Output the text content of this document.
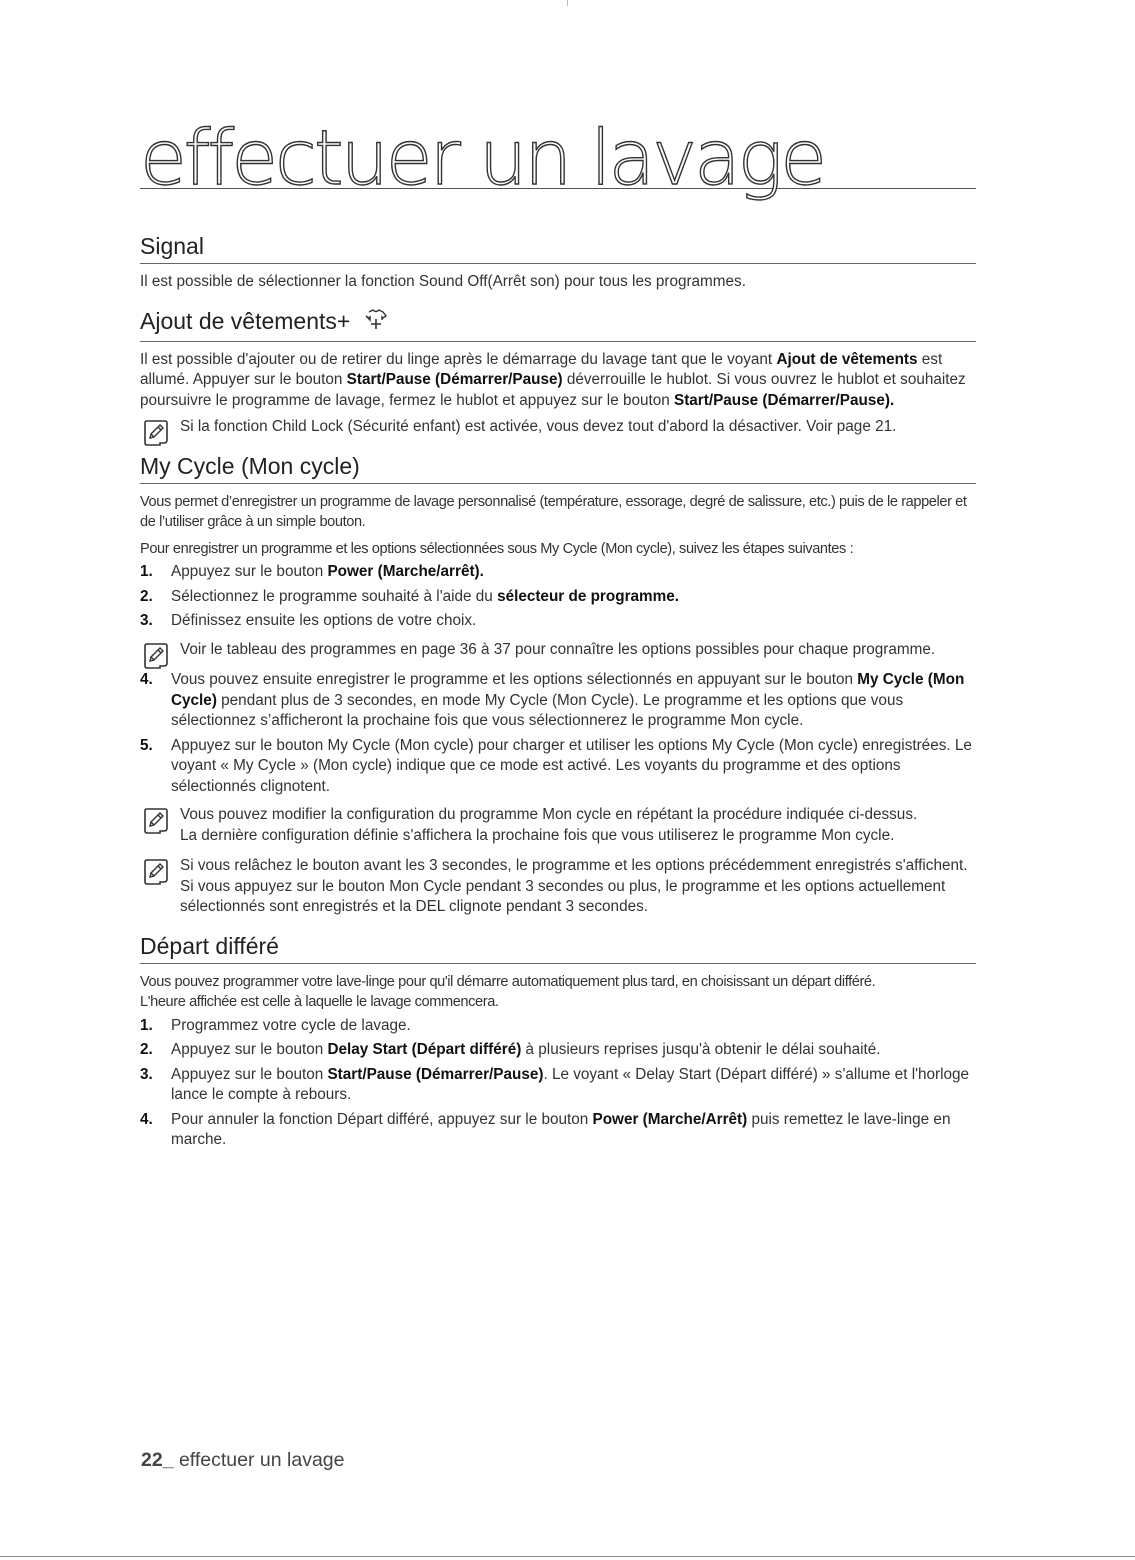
effectuer un lavage
Signal

Il est possible de sélectionner la fonction Sound Off(Arrêt son) pour tous les programmes.

Ajout de vêtements+

Il est possible d'ajouter ou de retirer du linge après le démarrage du lavage tant que le voyant Ajout de vêtements est allumé. Appuyer sur le bouton Start/Pause (Démarrer/Pause) déverrouille le hublot. Si vous ouvrez le hublot et souhaitez poursuivre le programme de lavage, fermez le hublot et appuyez sur le bouton Start/Pause (Démarrer/Pause).

Si la fonction Child Lock (Sécurité enfant) est activée, vous devez tout d'abord la désactiver. Voir page 21.

My Cycle (Mon cycle)

Vous permet d’enregistrer un programme de lavage personnalisé (température, essorage, degré de salissure, etc.) puis de le rappeler et de l’utiliser grâce à un simple bouton.

Pour enregistrer un programme et les options sélectionnées sous My Cycle (Mon cycle), suivez les étapes suivantes :

1. Appuyez sur le bouton Power (Marche/arrêt).

2. Sélectionnez le programme souhaité à l'aide du sélecteur de programme.

3. Définissez ensuite les options de votre choix.

Voir le tableau des programmes en page 36 à 37 pour connaître les options possibles pour chaque programme.

4. Vous pouvez ensuite enregistrer le programme et les options sélectionnés en appuyant sur le bouton My Cycle (Mon Cycle) pendant plus de 3 secondes, en mode My Cycle (Mon Cycle). Le programme et les options que vous sélectionnez s’afficheront la prochaine fois que vous sélectionnerez le programme Mon cycle.

5. Appuyez sur le bouton My Cycle (Mon cycle) pour charger et utiliser les options My Cycle (Mon cycle) enregistrées. Le voyant « My Cycle » (Mon cycle) indique que ce mode est activé. Les voyants du programme et des options sélectionnés clignotent.

Vous pouvez modifier la configuration du programme Mon cycle en répétant la procédure indiquée ci-dessus.

La dernière configuration définie s'affichera la prochaine fois que vous utiliserez le programme Mon cycle.

Si vous relâchez le bouton avant les 3 secondes, le programme et les options précédemment enregistrés s'affichent. Si vous appuyez sur le bouton Mon Cycle pendant 3 secondes ou plus, le programme et les options actuellement sélectionnés sont enregistrés et la DEL clignote pendant 3 secondes.

Départ différé

Vous pouvez programmer votre lave-linge pour qu'il démarre automatiquement plus tard, en choisissant un départ différé.

L'heure affichée est celle à laquelle le lavage commencera.

1. Programmez votre cycle de lavage.

2. Appuyez sur le bouton Delay Start (Départ différé) à plusieurs reprises jusqu'à obtenir le délai souhaité.

3. Appuyez sur le bouton Start/Pause (Démarrer/Pause). Le voyant « Delay Start (Départ différé) » s'allume et l'horloge lance le compte à rebours.

4. Pour annuler la fonction Départ différé, appuyez sur le bouton Power (Marche/Arrêt) puis remettez le lave-linge en marche.

22_ effectuer un lavage
